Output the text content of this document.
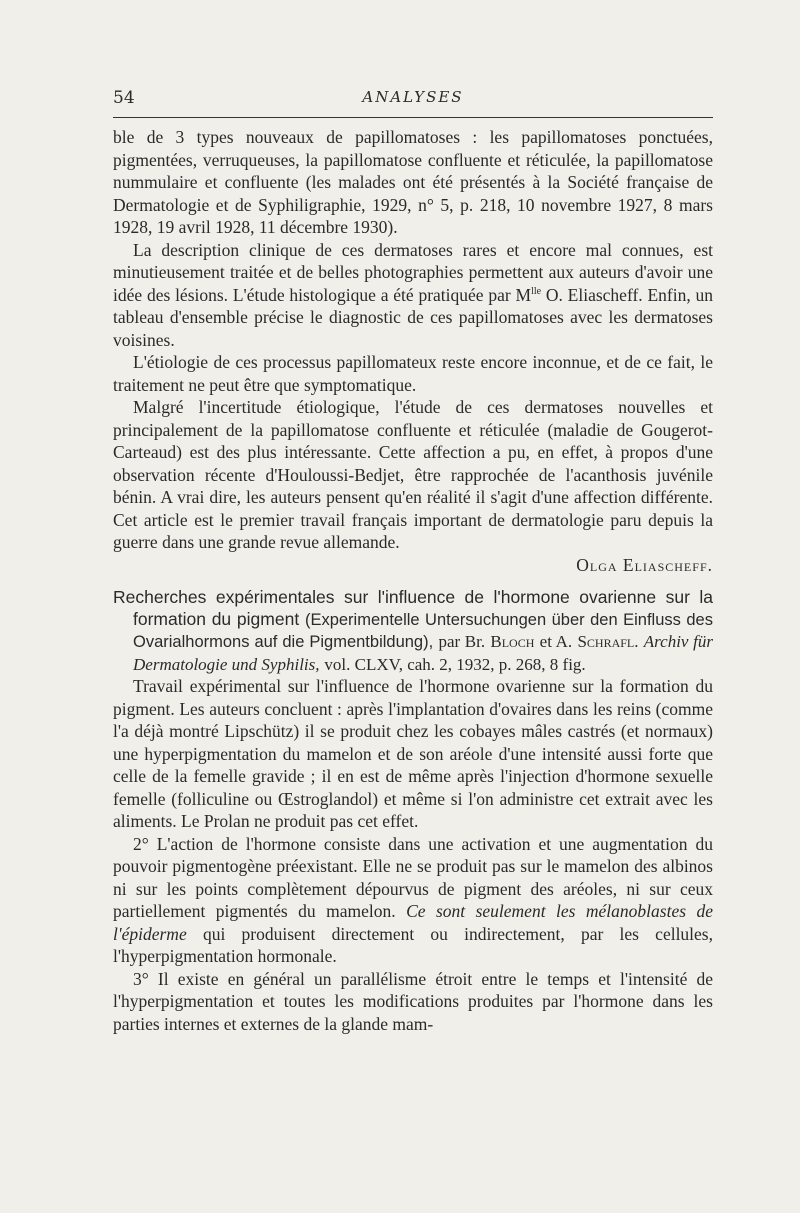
54	ANALYSES

ble de 3 types nouveaux de papillomatoses : les papillomatoses ponctuées, pigmentées, verruqueuses, la papillomatose confluente et réticulée, la papillomatose nummulaire et confluente (les malades ont été présentés à la Société française de Dermatologie et de Syphiligraphie, 1929, n° 5, p. 218, 10 novembre 1927, 8 mars 1928, 19 avril 1928, 11 décembre 1930).

La description clinique de ces dermatoses rares et encore mal connues, est minutieusement traitée et de belles photographies permettent aux auteurs d'avoir une idée des lésions. L'étude histologique a été pratiquée par $M^{lle}$ O. Eliascheff. Enfin, un tableau d'ensemble précise le diagnostic de ces papillomatoses avec les dermatoses voisines.

L'étiologie de ces processus papillomateux reste encore inconnue, et de ce fait, le traitement ne peut être que symptomatique.

Malgré l'incertitude étiologique, l'étude de ces dermatoses nouvelles et principalement de la papillomatose confluente et réticulée (maladie de Gougerot-Carteaud) est des plus intéressante. Cette affection a pu, en effet, à propos d'une observation récente d'Houloussi-Bedjet, être rapprochée de l'acanthosis juvénile bénin. A vrai dire, les auteurs pensent qu'en réalité il s'agit d'une affection différente. Cet article est le premier travail français important de dermatologie paru depuis la guerre dans une grande revue allemande.

Olga Eliascheff.

Recherches expérimentales sur l'influence de l'hormone ovarienne sur la formation du pigment (Experimentelle Untersuchungen über den Einfluss des Ovarialhormons auf die Pigmentbildung), par Br. Bloch et A. Schrafl. Archiv für Dermatologie und Syphilis, vol. CLXV, cah. 2, 1932, p. 268, 8 fig.

Travail expérimental sur l'influence de l'hormone ovarienne sur la formation du pigment. Les auteurs concluent : après l'implantation d'ovaires dans les reins (comme l'a déjà montré Lipschütz) il se produit chez les cobayes mâles castrés (et normaux) une hyperpigmentation du mamelon et de son aréole d'une intensité aussi forte que celle de la femelle gravide ; il en est de même après l'injection d'hormone sexuelle femelle (folliculine ou Œstroglandol) et même si l'on administre cet extrait avec les aliments. Le Prolan ne produit pas cet effet.

2° L'action de l'hormone consiste dans une activation et une augmentation du pouvoir pigmentogène préexistant. Elle ne se produit pas sur le mamelon des albinos ni sur les points complètement dépourvus de pigment des aréoles, ni sur ceux partiellement pigmentés du mamelon. Ce sont seulement les mélanoblastes de l'épiderme qui produisent directement ou indirectement, par les cellules, l'hyperpigmentation hormonale.

3° Il existe en général un parallélisme étroit entre le temps et l'intensité de l'hyperpigmentation et toutes les modifications produites par l'hormone dans les parties internes et externes de la glande mam-
